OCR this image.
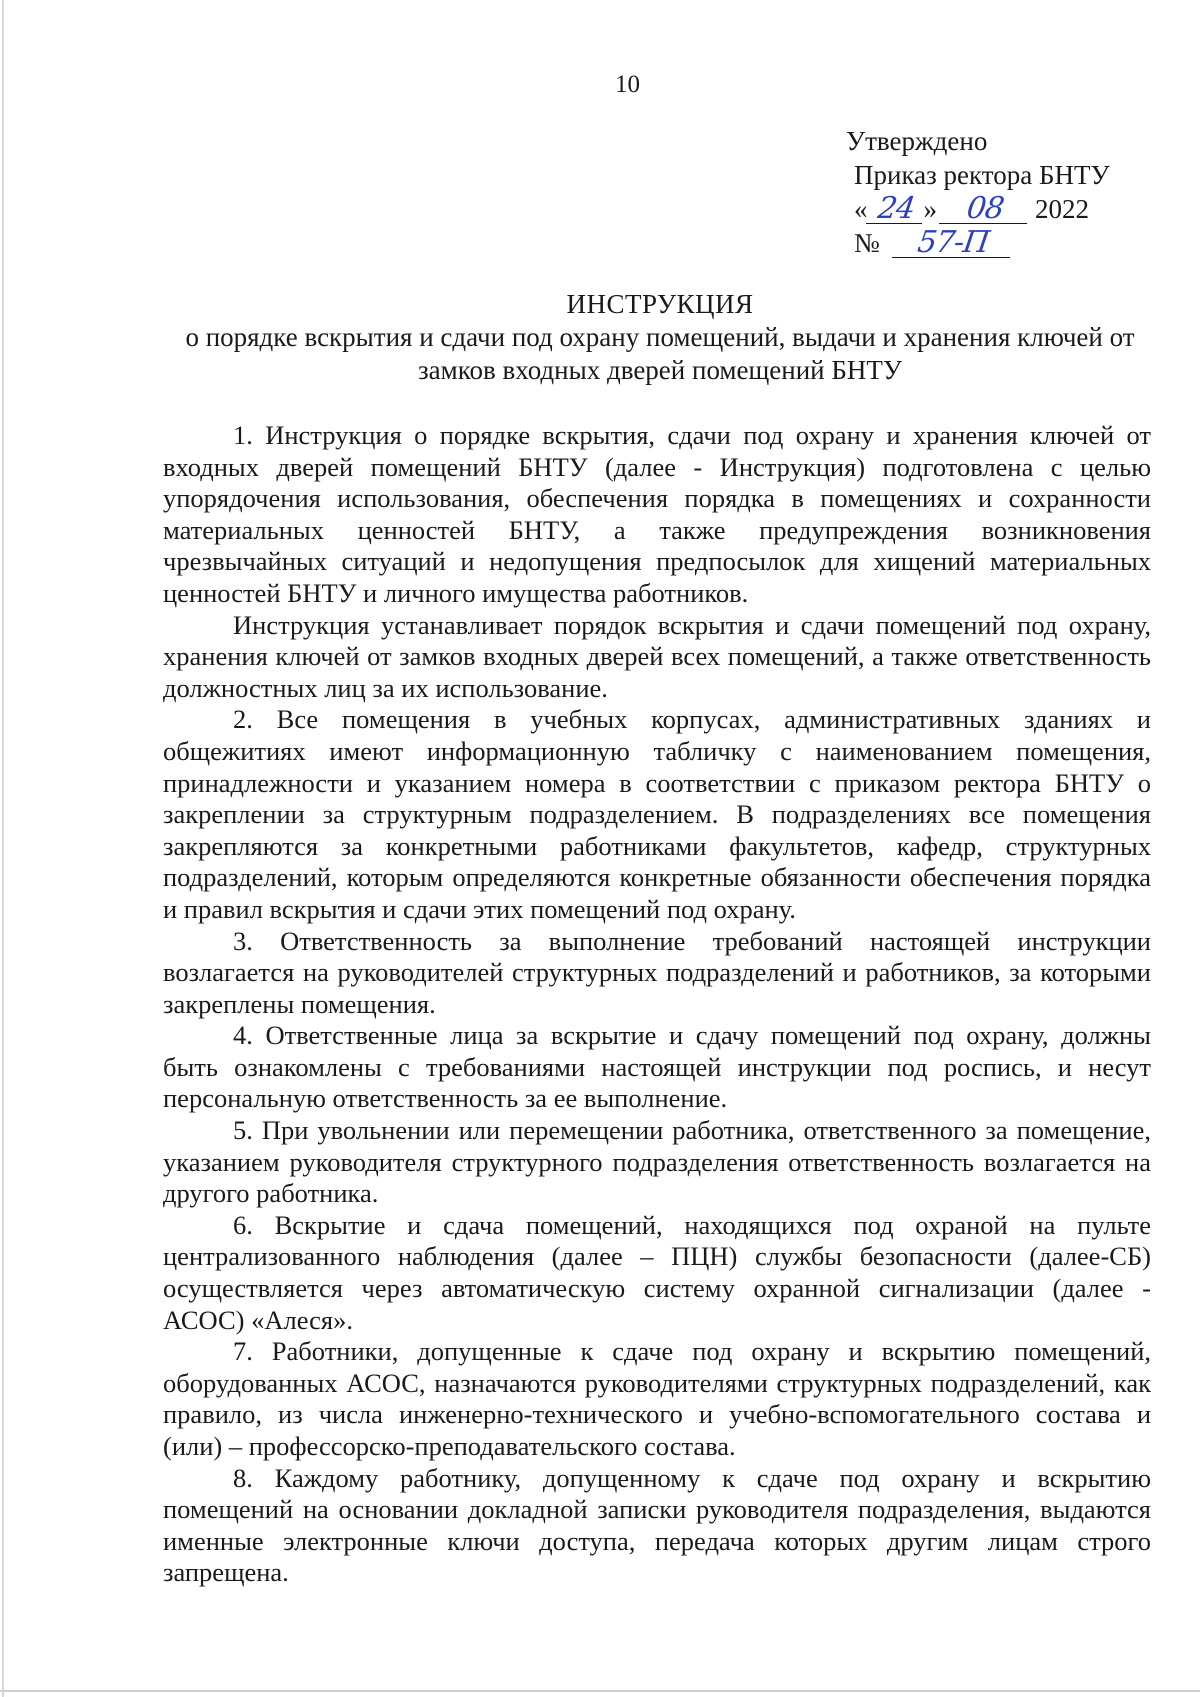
10
Утверждено
Приказ ректора БНТУ
« 24 » 08 2022
№ 57-П
ИНСТРУКЦИЯ
о порядке вскрытия и сдачи под охрану помещений, выдачи и хранения ключей от замков входных дверей помещений БНТУ

1. Инструкция о порядке вскрытия, сдачи под охрану и хранения ключей от входных дверей помещений БНТУ (далее - Инструкция) подготовлена с целью упорядочения использования, обеспечения порядка в помещениях и сохранности материальных ценностей БНТУ, а также предупреждения возникновения чрезвычайных ситуаций и недопущения предпосылок для хищений материальных ценностей БНТУ и личного имущества работников.

Инструкция устанавливает порядок вскрытия и сдачи помещений под охрану, хранения ключей от замков входных дверей всех помещений, а также ответственность должностных лиц за их использование.

2. Все помещения в учебных корпусах, административных зданиях и общежитиях имеют информационную табличку с наименованием помещения, принадлежности и указанием номера в соответствии с приказом ректора БНТУ о закреплении за структурным подразделением. В подразделениях все помещения закрепляются за конкретными работниками факультетов, кафедр, структурных подразделений, которым определяются конкретные обязанности обеспечения порядка и правил вскрытия и сдачи этих помещений под охрану.

3. Ответственность за выполнение требований настоящей инструкции возлагается на руководителей структурных подразделений и работников, за которыми закреплены помещения.

4. Ответственные лица за вскрытие и сдачу помещений под охрану, должны быть ознакомлены с требованиями настоящей инструкции под роспись, и несут персональную ответственность за ее выполнение.

5. При увольнении или перемещении работника, ответственного за помещение, указанием руководителя структурного подразделения ответственность возлагается на другого работника.

6. Вскрытие и сдача помещений, находящихся под охраной на пульте централизованного наблюдения (далее – ПЦН) службы безопасности (далее-СБ) осуществляется через автоматическую систему охранной сигнализации (далее - АСОС) «Алеся».

7. Работники, допущенные к сдаче под охрану и вскрытию помещений, оборудованных АСОС, назначаются руководителями структурных подразделений, как правило, из числа инженерно-технического и учебно-вспомогательного состава и (или) – профессорско-преподавательского состава.

8. Каждому работнику, допущенному к сдаче под охрану и вскрытию помещений на основании докладной записки руководителя подразделения, выдаются именные электронные ключи доступа, передача которых другим лицам строго запрещена.
